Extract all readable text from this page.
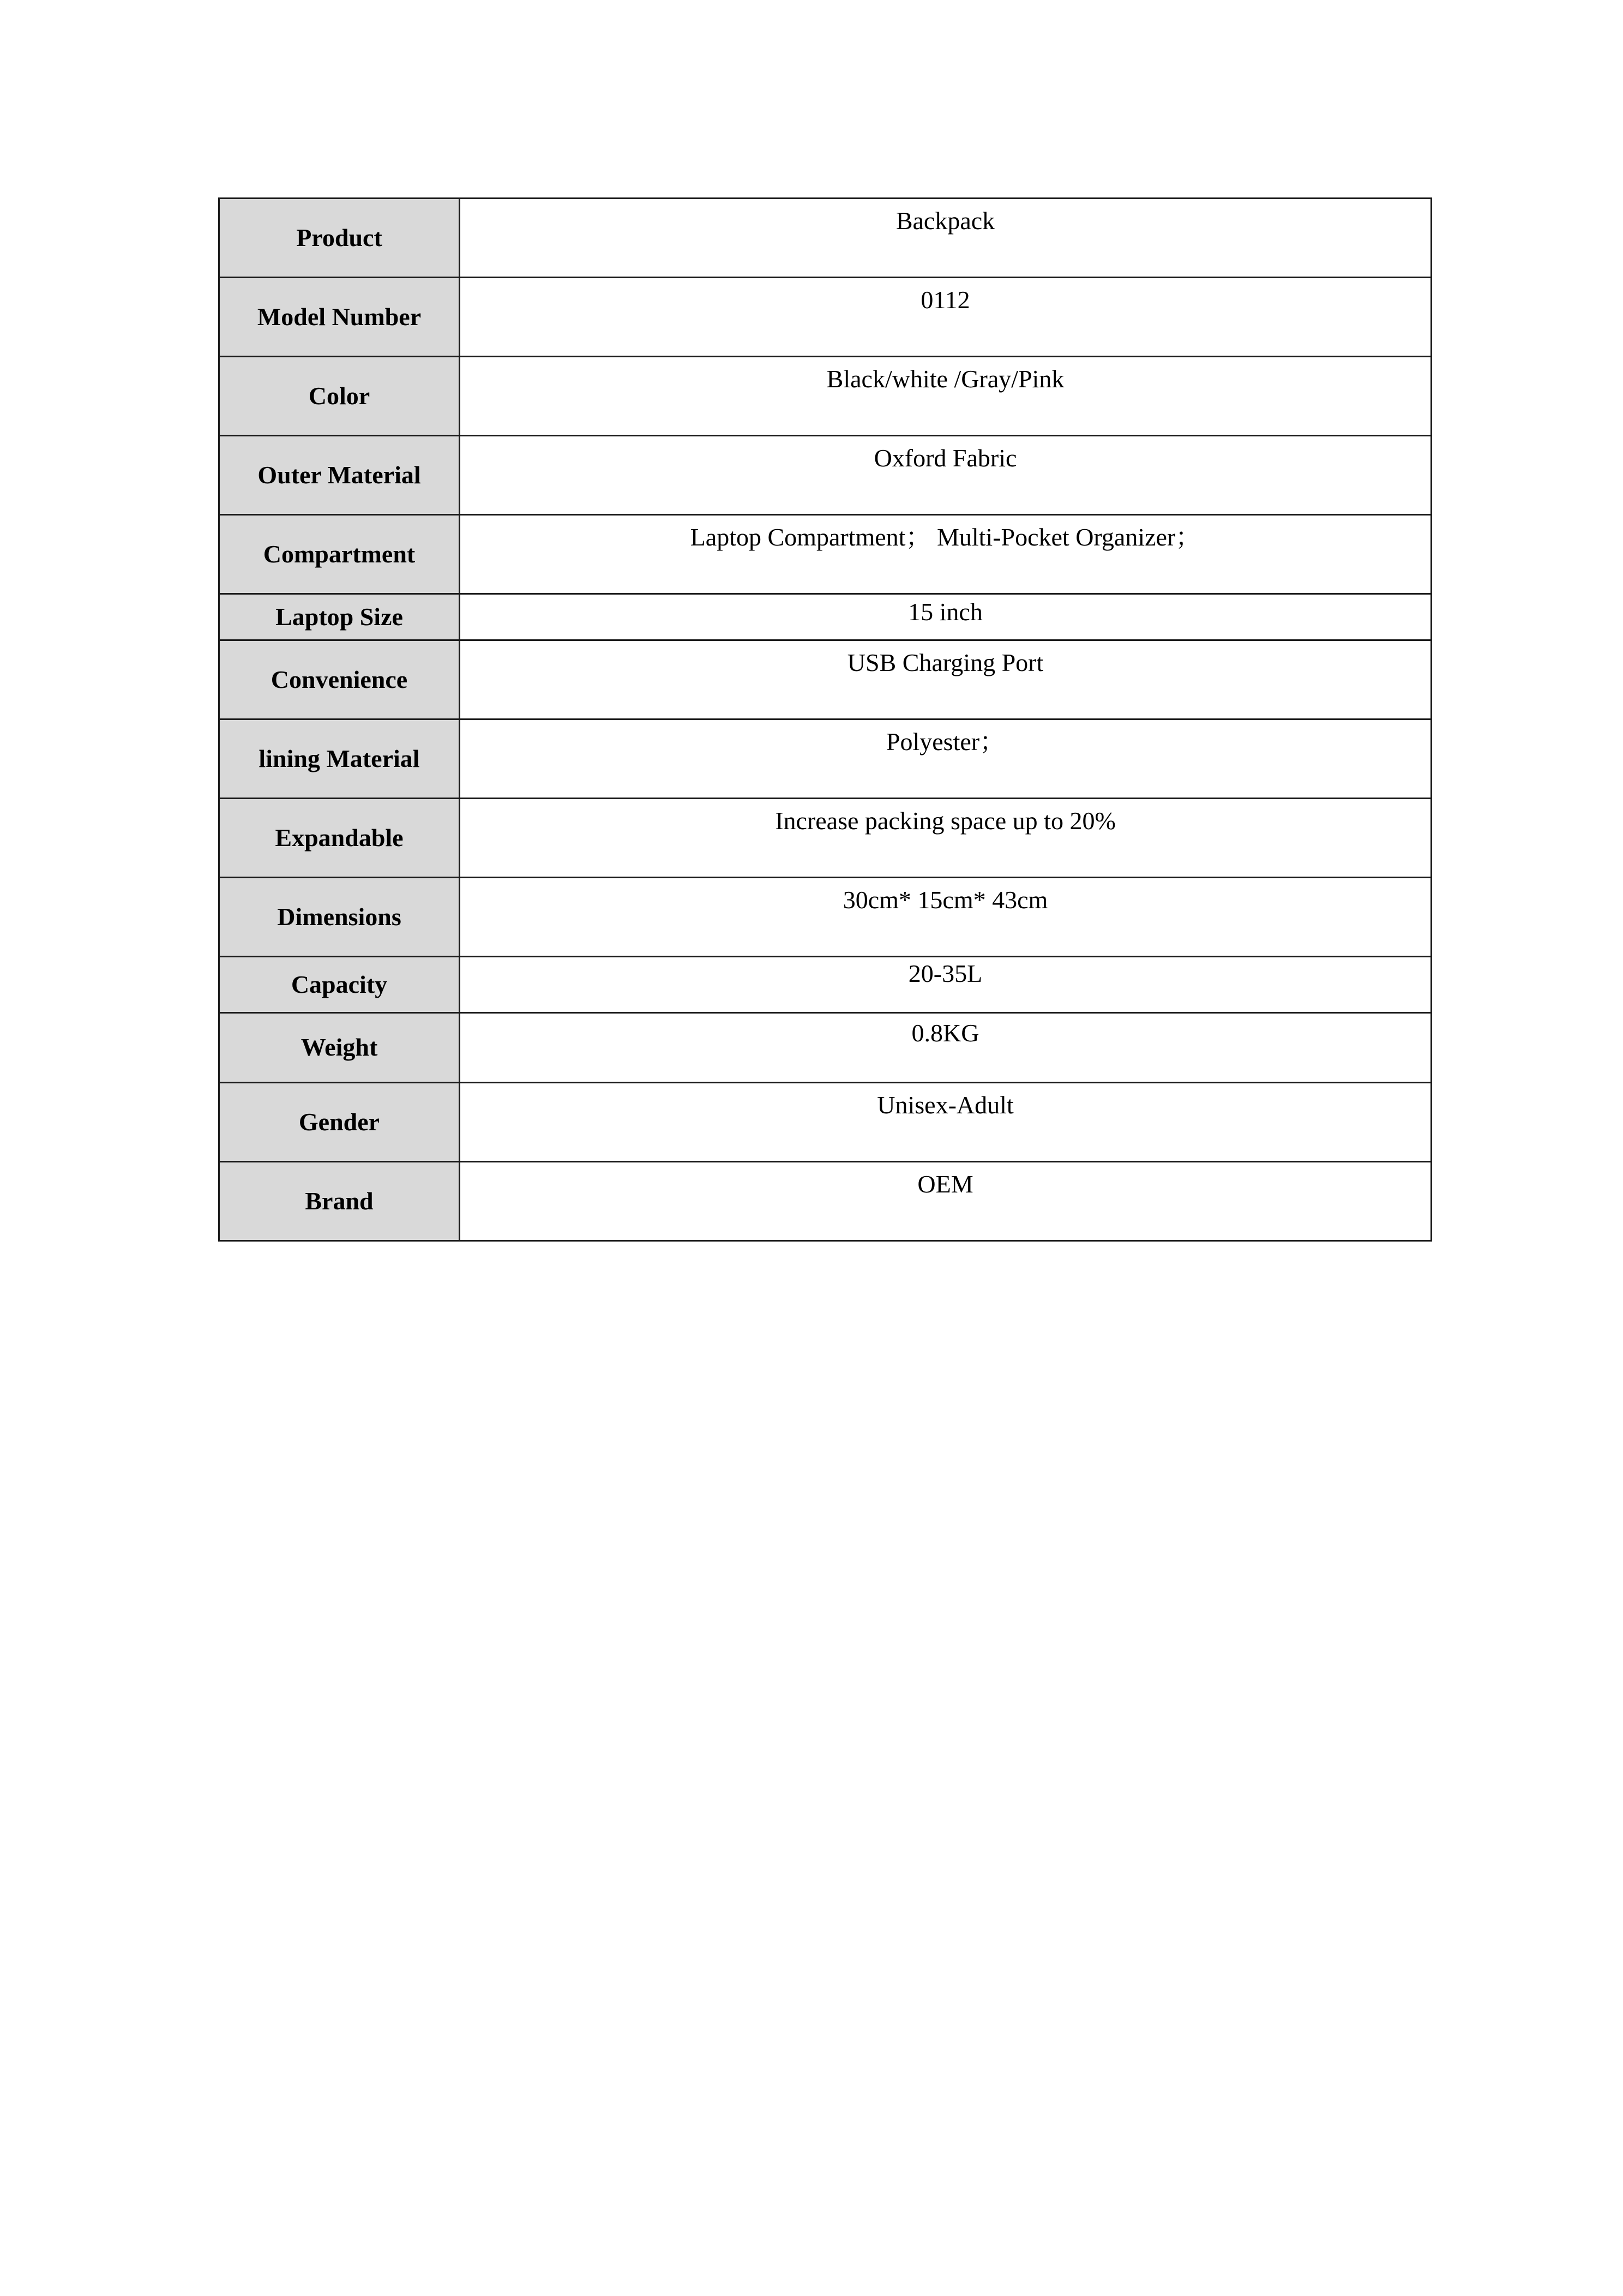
Product	Backpack
Model Number	0112
Color	Black/white /Gray/Pink
Outer Material	Oxford Fabric
Compartment	Laptop Compartment； Multi-Pocket Organizer；
Laptop Size	15 inch
Convenience	USB Charging Port
lining Material	Polyester；
Expandable	Increase packing space up to 20%
Dimensions	30cm* 15cm* 43cm
Capacity	20-35L
Weight	0.8KG
Gender	Unisex-Adult
Brand	OEM
